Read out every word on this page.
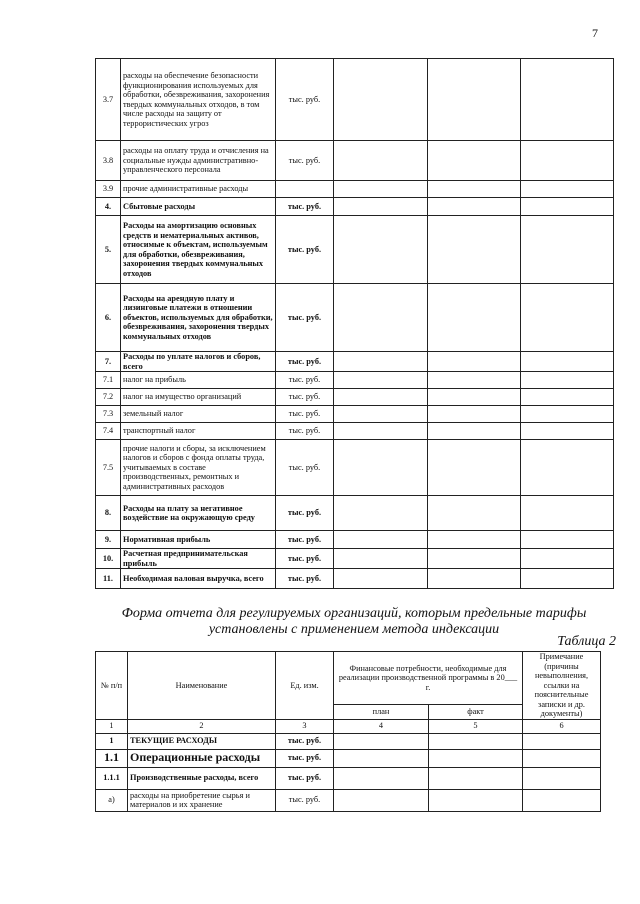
7
3.7	расходы на обеспечение безопасности функционирования используемых для обработки, обезвреживания, захоронения твердых коммунальных отходов, в том числе расходы на защиту от террористических угроз	тыс. руб.			
3.8	расходы на оплату труда и отчисления на социальные нужды административно-управленческого персонала	тыс. руб.			
3.9	прочие административные расходы				
4.	Сбытовые расходы	тыс. руб.			
5.	Расходы на амортизацию основных средств и нематериальных активов, относимые к объектам, используемым для обработки, обезвреживания, захоронения твердых коммунальных отходов	тыс. руб.			
6.	Расходы на арендную плату и лизинговые платежи в отношении объектов, используемых для обработки, обезвреживания, захоронения твердых коммунальных отходов	тыс. руб.			
7.	Расходы по уплате налогов и сборов, всего	тыс. руб.			
7.1	налог на прибыль	тыс. руб.			
7.2	налог на имущество организаций	тыс. руб.			
7.3	земельный налог	тыс. руб.			
7.4	транспортный налог	тыс. руб.			
7.5	прочие налоги и сборы, за исключением налогов и сборов с фонда оплаты труда, учитываемых в составе производственных, ремонтных и административных расходов	тыс. руб.			
8.	Расходы на плату за негативное воздействие на окружающую среду	тыс. руб.			
9.	Нормативная прибыль	тыс. руб.			
10.	Расчетная предпринимательская прибыль	тыс. руб.			
11.	Необходимая валовая выручка, всего	тыс. руб.			
Форма отчета для регулируемых организаций, которым предельные тарифы
установлены с применением метода индексации
Таблица 2
№ п/п	Наименование	Ед. изм.	Финансовые потребности, необходимые для реализации производственной программы в 20___ г.		Примечание (причины невыполнения, ссылки на пояснительные записки и др. документы)
			план	факт	
1	2	3	4	5	6
1	ТЕКУЩИЕ РАСХОДЫ	тыс. руб.			
1.1	Операционные расходы	тыс. руб.			
1.1.1	Производственные расходы, всего	тыс. руб.			
а)	расходы на приобретение сырья и материалов и их хранение	тыс. руб.			
